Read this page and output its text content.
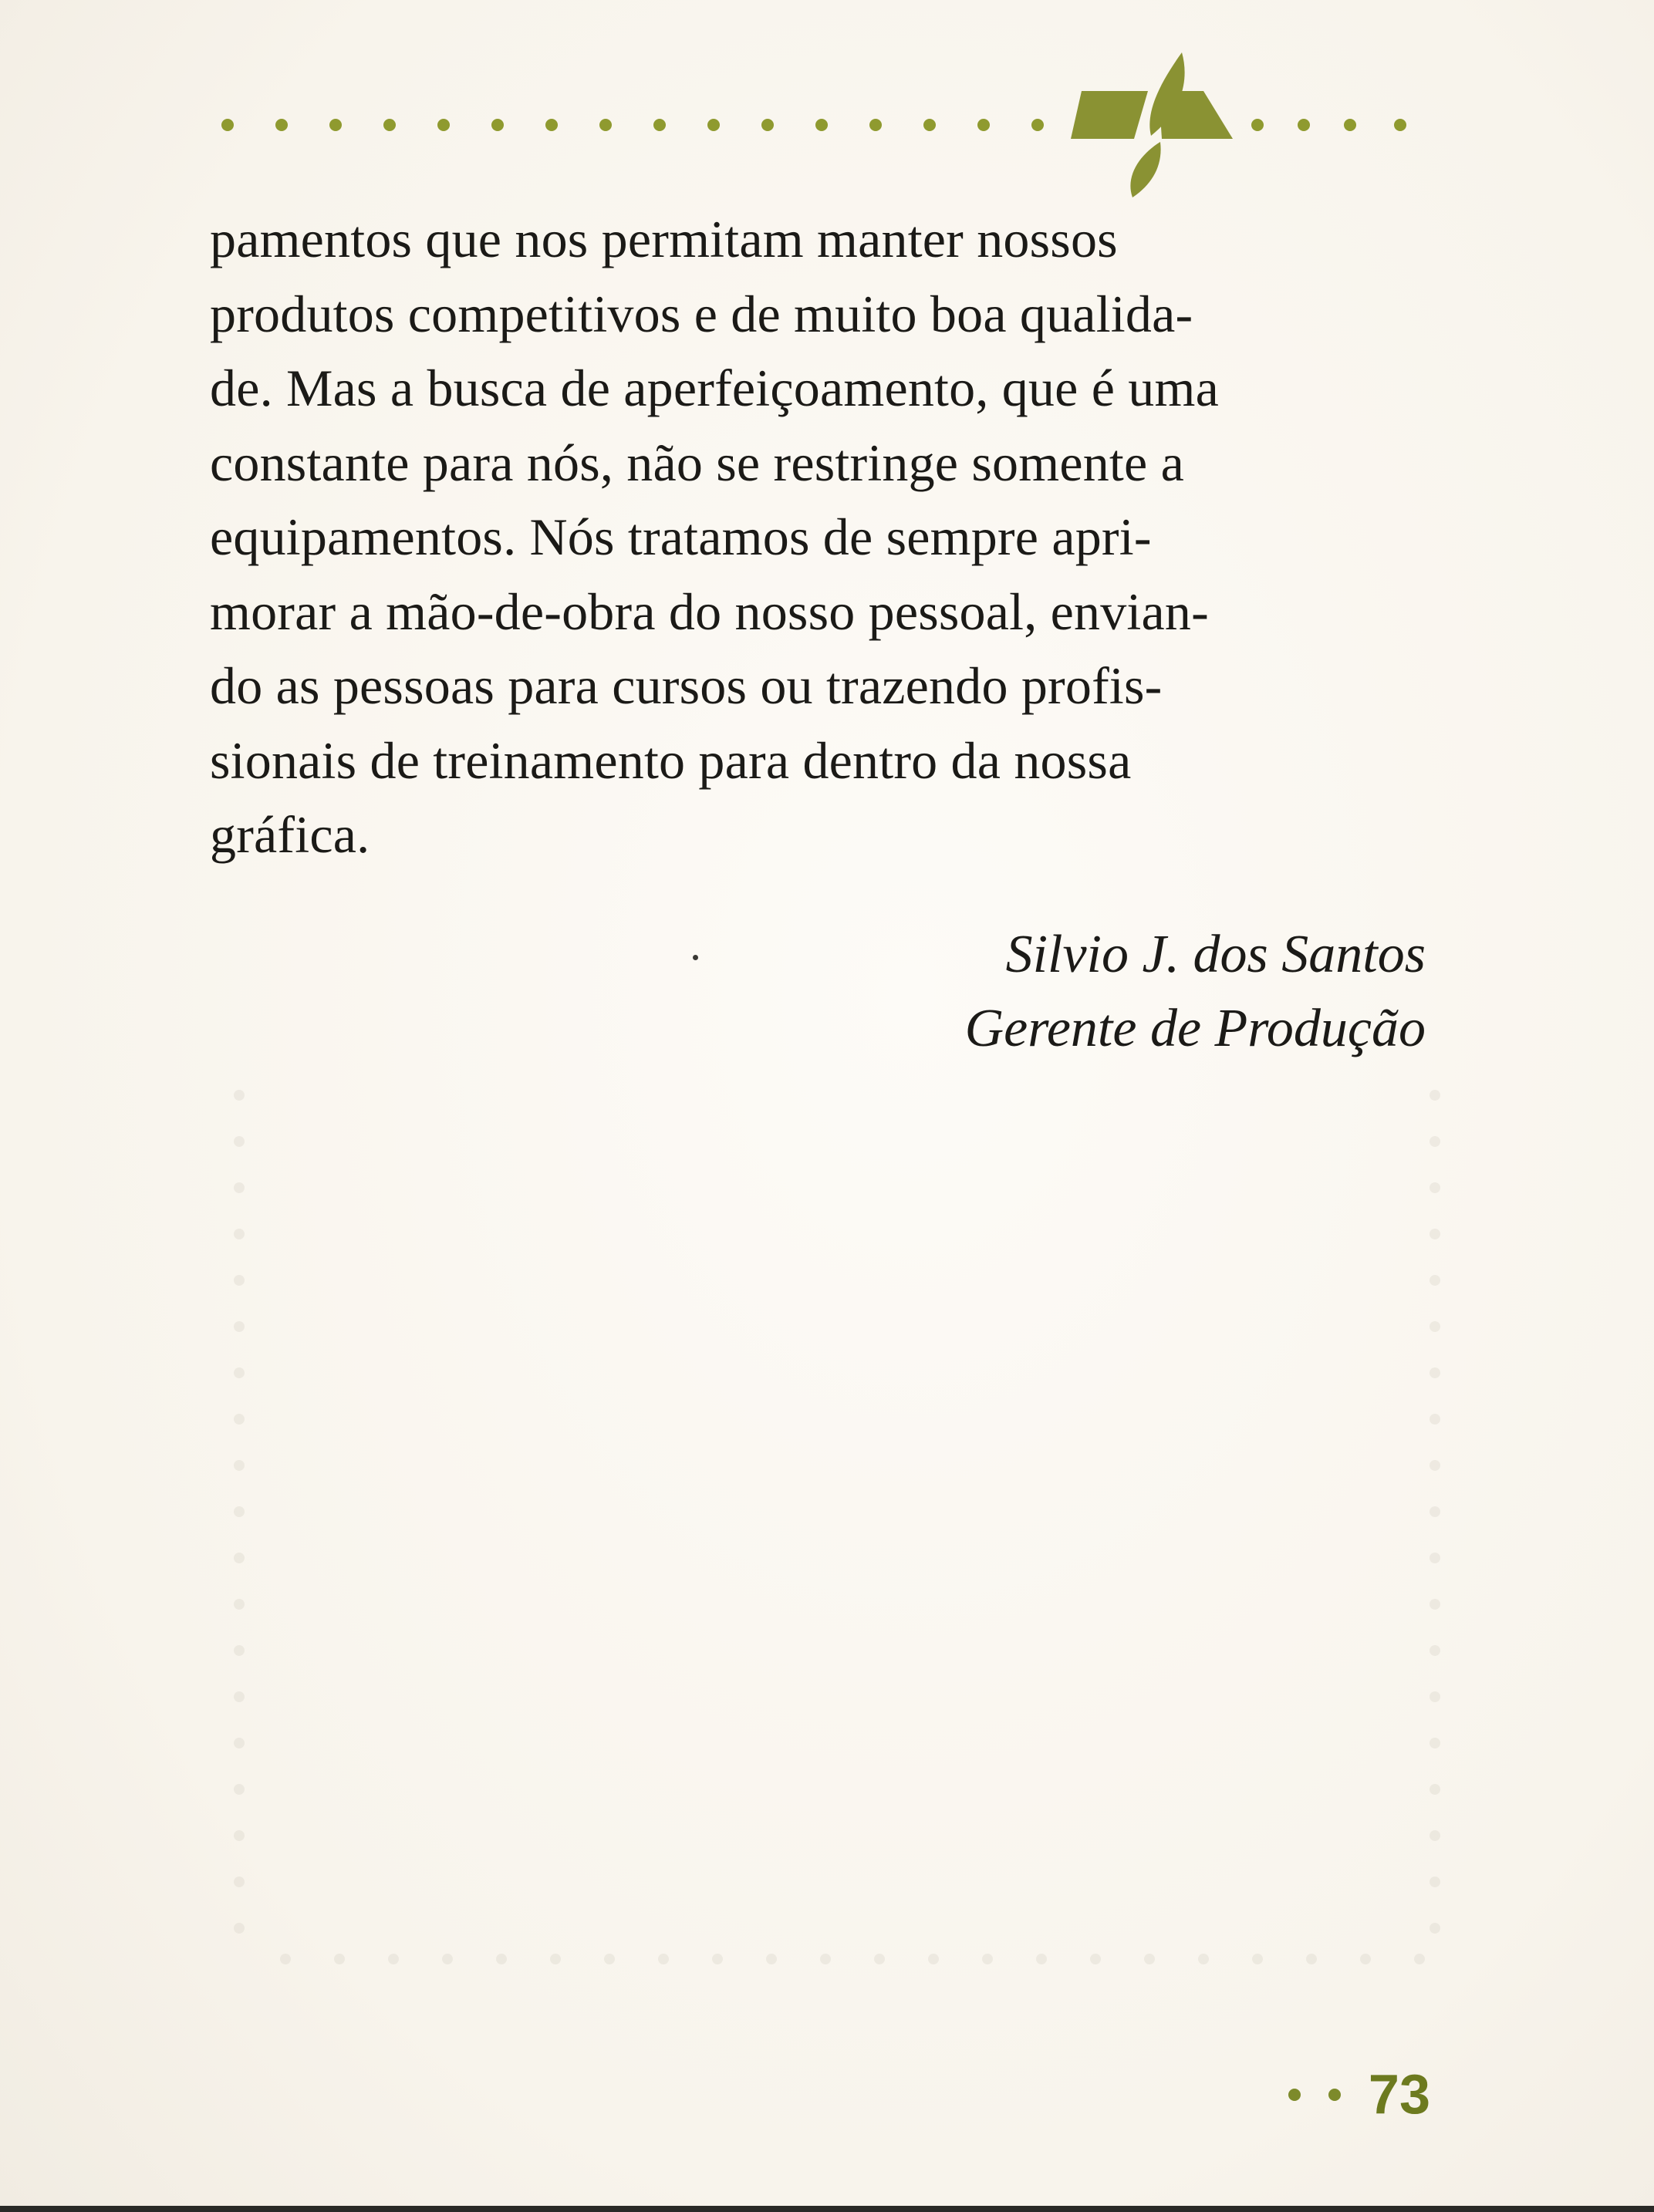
pamentos que nos permitam manter nossos
produtos competitivos e de muito boa qualida-
de. Mas a busca de aperfeiçoamento, que é uma
constante para nós, não se restringe somente a
equipamentos. Nós tratamos de sempre apri-
morar a mão-de-obra do nosso pessoal, envian-
do as pessoas para cursos ou trazendo profis-
sionais de treinamento para dentro da nossa
gráfica.
Silvio J. dos Santos
Gerente de Produção
73
